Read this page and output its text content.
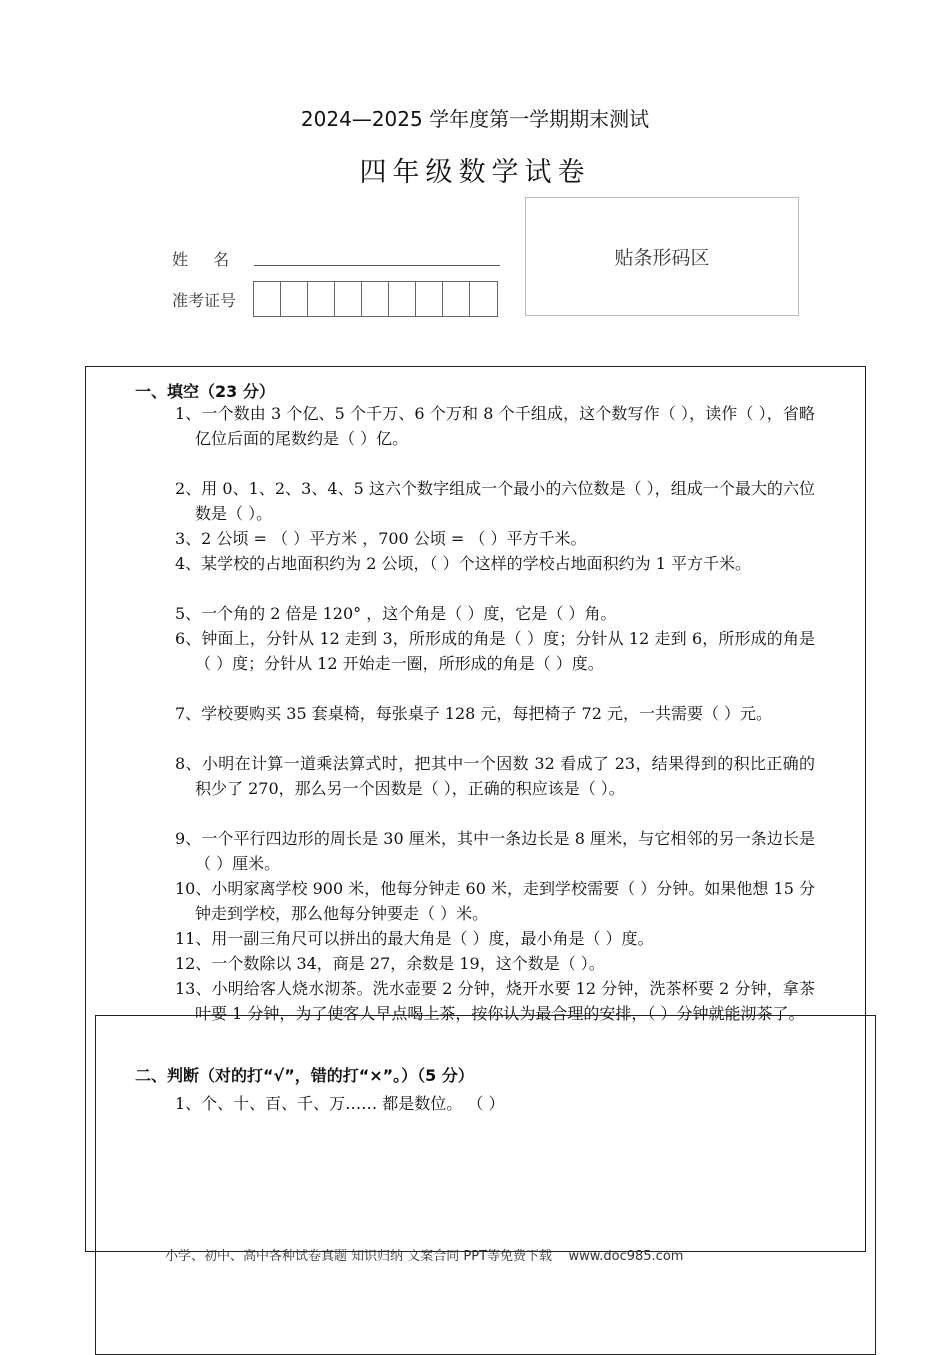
2024—2025 学年度第一学期期末测试
四年级数学试卷
姓 名
准考证号
贴条形码区
一、填空（23 分）
1、一个数由 3 个亿、5 个千万、6 个万和 8 个千组成，这个数写作（ ），读作（ ），省略亿位后面的尾数约是（ ）亿。
2、用 0、1、2、3、4、5 这六个数字组成一个最小的六位数是（ ），组成一个最大的六位数是（ ）。
3、2 公顷 = （ ）平方米 ，700 公顷 = （ ）平方千米。
4、某学校的占地面积约为 2 公顷，（ ）个这样的学校占地面积约为 1 平方千米。
5、一个角的 2 倍是 120° ，这个角是（ ）度，它是（ ）角。
6、钟面上，分针从 12 走到 3，所形成的角是（ ）度；分针从 12 走到 6，所形成的角是（ ）度；分针从 12 开始走一圈，所形成的角是（ ）度。
7、学校要购买 35 套桌椅，每张桌子 128 元，每把椅子 72 元，一共需要（ ）元。
8、小明在计算一道乘法算式时，把其中一个因数 32 看成了 23，结果得到的积比正确的积少了 270，那么另一个因数是（ ），正确的积应该是（ ）。
9、一个平行四边形的周长是 30 厘米，其中一条边长是 8 厘米，与它相邻的另一条边长是（ ）厘米。
10、小明家离学校 900 米，他每分钟走 60 米，走到学校需要（ ）分钟。如果他想 15 分钟走到学校，那么他每分钟要走（ ）米。
11、用一副三角尺可以拼出的最大角是（ ）度，最小角是（ ）度。
12、一个数除以 34，商是 27，余数是 19，这个数是（ ）。
13、小明给客人烧水沏茶。洗水壶要 2 分钟，烧开水要 12 分钟，洗茶杯要 2 分钟，拿茶叶要 1 分钟，为了使客人早点喝上茶，按你认为最合理的安排，（ ）分钟就能沏茶了。
二、判断（对的打“√”，错的打“×”。）（5 分）
1、个、十、百、千、万…… 都是数位。 （ ）
小学、初中、高中各种试卷真题 知识归纳 文案合同 PPT等免费下载    www.doc985.com
